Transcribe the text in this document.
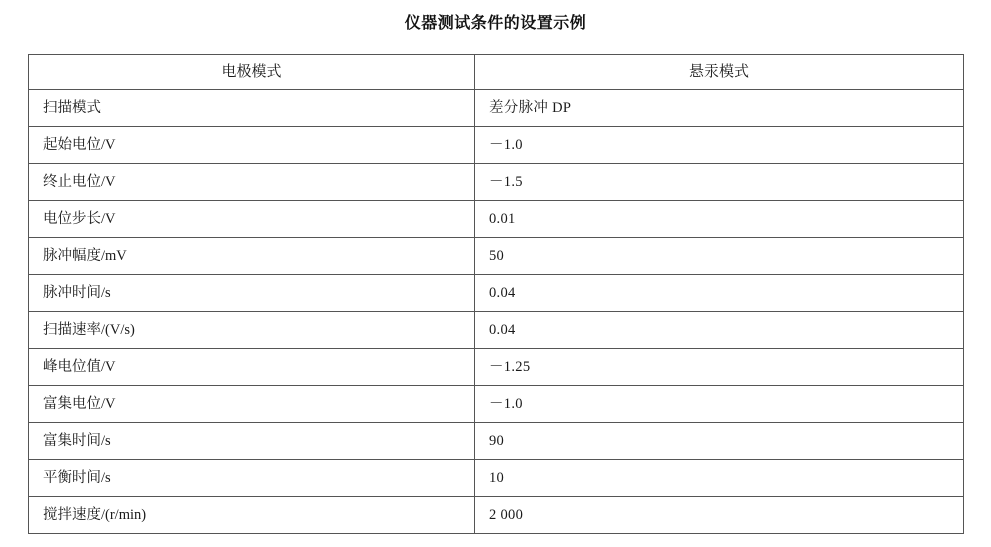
仪器测试条件的设置示例
电极模式	悬汞模式
扫描模式	差分脉冲 DP
起始电位/V	－1.0
终止电位/V	－1.5
电位步长/V	0.01
脉冲幅度/mV	50
脉冲时间/s	0.04
扫描速率/(V/s)	0.04
峰电位值/V	－1.25
富集电位/V	－1.0
富集时间/s	90
平衡时间/s	10
搅拌速度/(r/min)	2 000
